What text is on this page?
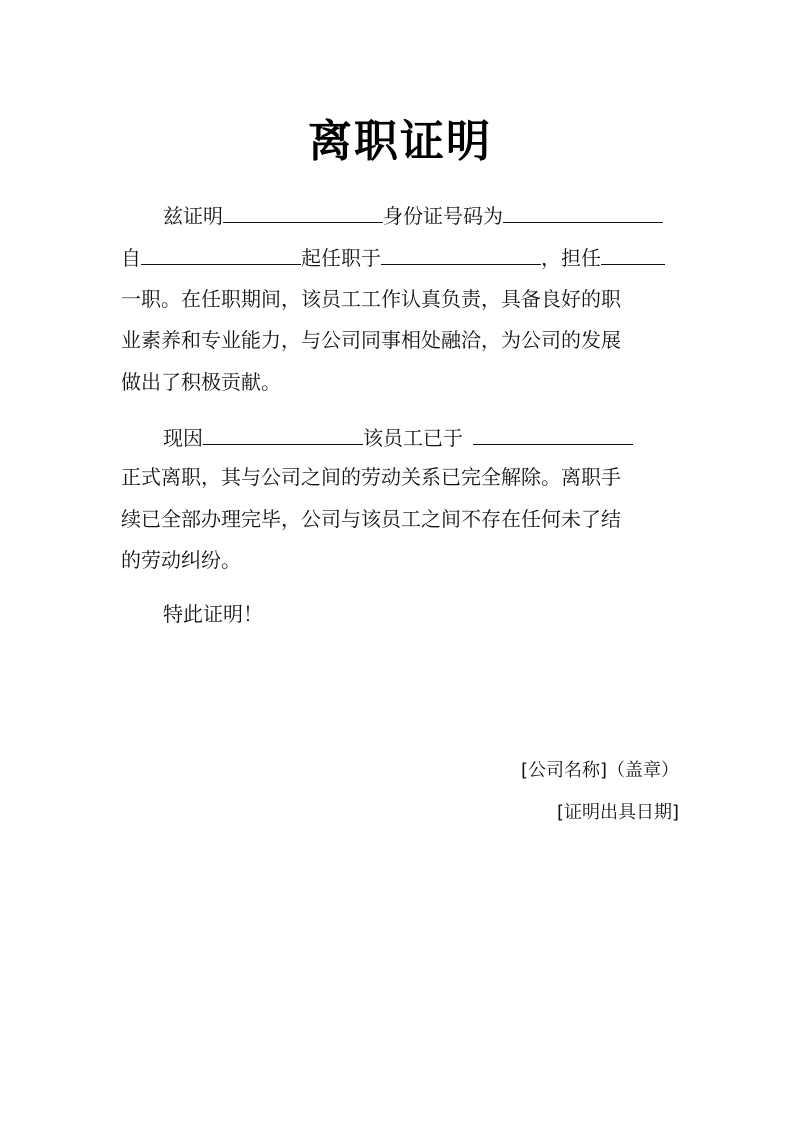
离职证明
兹证明	身份证号码为
自	起任职于	，担任
一职。在任职期间，该员工工作认真负责，具备良好的职
业素养和专业能力，与公司同事相处融洽，为公司的发展
做出了积极贡献。
现因	该员工已于
正式离职，其与公司之间的劳动关系已完全解除。离职手
续已全部办理完毕，公司与该员工之间不存在任何未了结
的劳动纠纷。
特此证明！
[公司名称]（盖章）
[证明出具日期]
